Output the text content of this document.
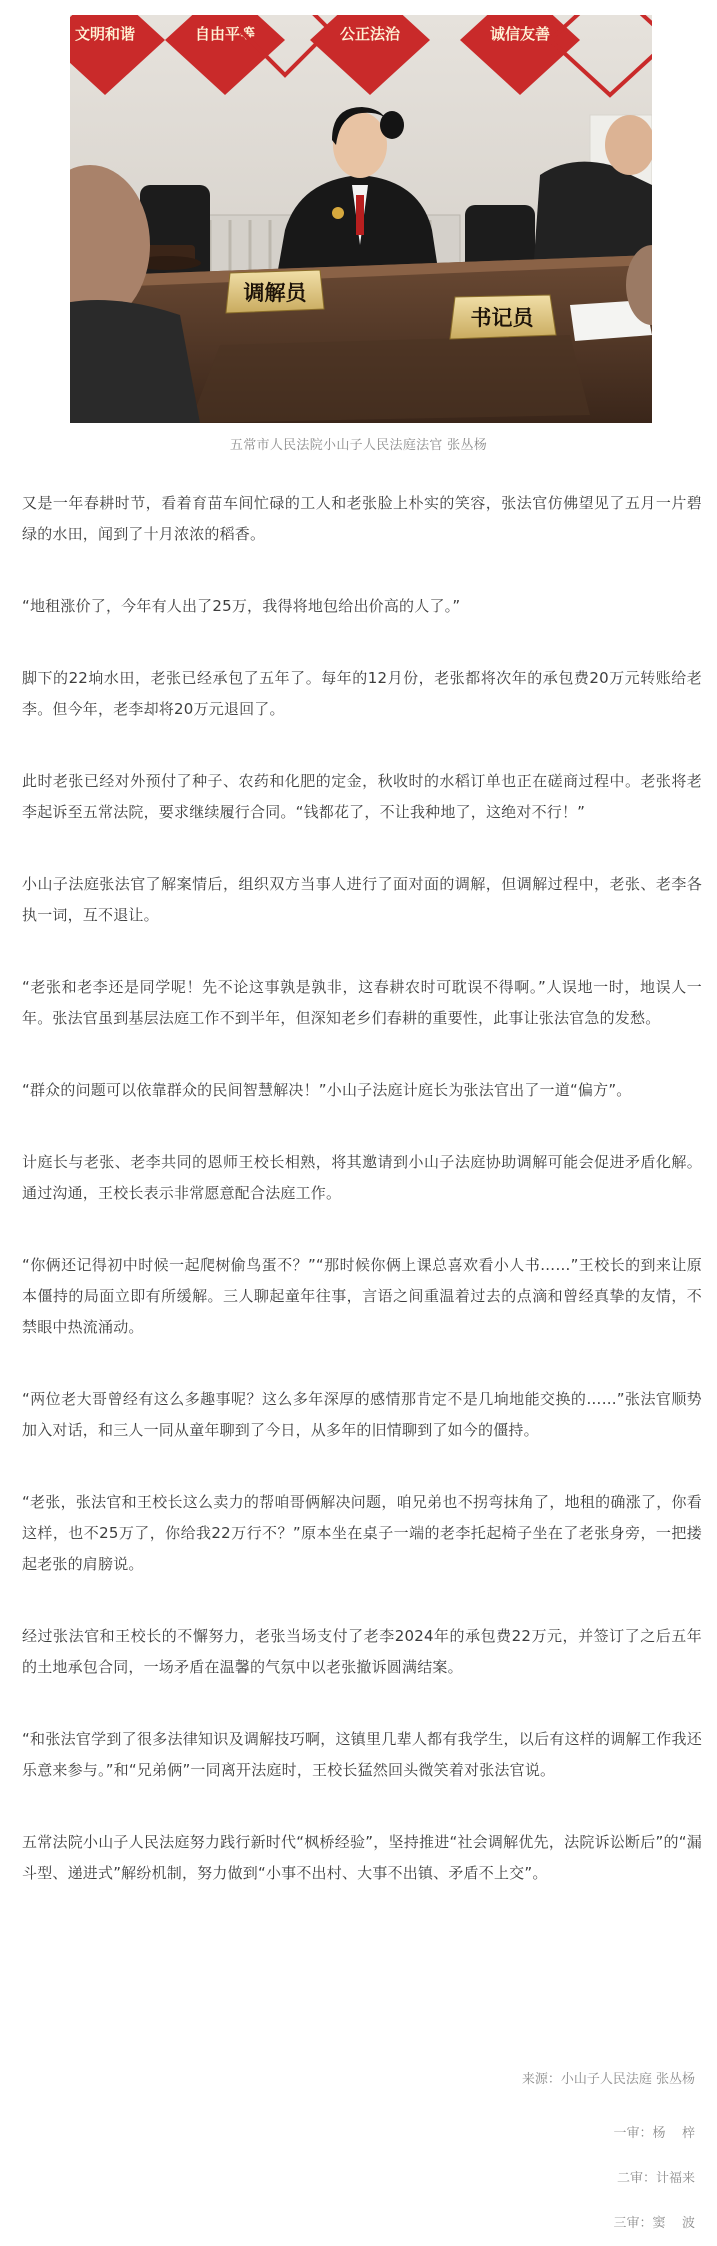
文明和谐	自由平等	公正法治	诚信友善
调解员
书记员
五常市人民法院小山子人民法庭法官 张丛杨

又是一年春耕时节，看着育苗车间忙碌的工人和老张脸上朴实的笑容，张法官仿佛望见了五月一片碧绿的水田，闻到了十月浓浓的稻香。

“地租涨价了，今年有人出了25万，我得将地包给出价高的人了。”

脚下的22垧水田，老张已经承包了五年了。每年的12月份，老张都将次年的承包费20万元转账给老李。但今年，老李却将20万元退回了。

此时老张已经对外预付了种子、农药和化肥的定金，秋收时的水稻订单也正在磋商过程中。老张将老李起诉至五常法院，要求继续履行合同。“钱都花了，不让我种地了，这绝对不行！”

小山子法庭张法官了解案情后，组织双方当事人进行了面对面的调解，但调解过程中，老张、老李各执一词，互不退让。

“老张和老李还是同学呢！先不论这事孰是孰非，这春耕农时可耽误不得啊。”人误地一时，地误人一年。张法官虽到基层法庭工作不到半年，但深知老乡们春耕的重要性，此事让张法官急的发愁。

“群众的问题可以依靠群众的民间智慧解决！”小山子法庭计庭长为张法官出了一道“偏方”。

计庭长与老张、老李共同的恩师王校长相熟，将其邀请到小山子法庭协助调解可能会促进矛盾化解。通过沟通，王校长表示非常愿意配合法庭工作。

“你俩还记得初中时候一起爬树偷鸟蛋不？”“那时候你俩上课总喜欢看小人书……”王校长的到来让原本僵持的局面立即有所缓解。三人聊起童年往事，言语之间重温着过去的点滴和曾经真挚的友情，不禁眼中热流涌动。

“两位老大哥曾经有这么多趣事呢？这么多年深厚的感情那肯定不是几垧地能交换的……”张法官顺势加入对话，和三人一同从童年聊到了今日，从多年的旧情聊到了如今的僵持。

“老张，张法官和王校长这么卖力的帮咱哥俩解决问题，咱兄弟也不拐弯抹角了，地租的确涨了，你看这样，也不25万了，你给我22万行不？”原本坐在桌子一端的老李托起椅子坐在了老张身旁，一把搂起老张的肩膀说。

经过张法官和王校长的不懈努力，老张当场支付了老李2024年的承包费22万元，并签订了之后五年的土地承包合同，一场矛盾在温馨的气氛中以老张撤诉圆满结案。

“和张法官学到了很多法律知识及调解技巧啊，这镇里几辈人都有我学生，以后有这样的调解工作我还乐意来参与。”和“兄弟俩”一同离开法庭时，王校长猛然回头微笑着对张法官说。

五常法院小山子人民法庭努力践行新时代“枫桥经验”，坚持推进“社会调解优先，法院诉讼断后”的“漏斗型、递进式”解纷机制，努力做到“小事不出村、大事不出镇、矛盾不上交”。

来源：小山子人民法庭 张丛杨
一审：杨    梓
二审：计福来
三审：窦    波
